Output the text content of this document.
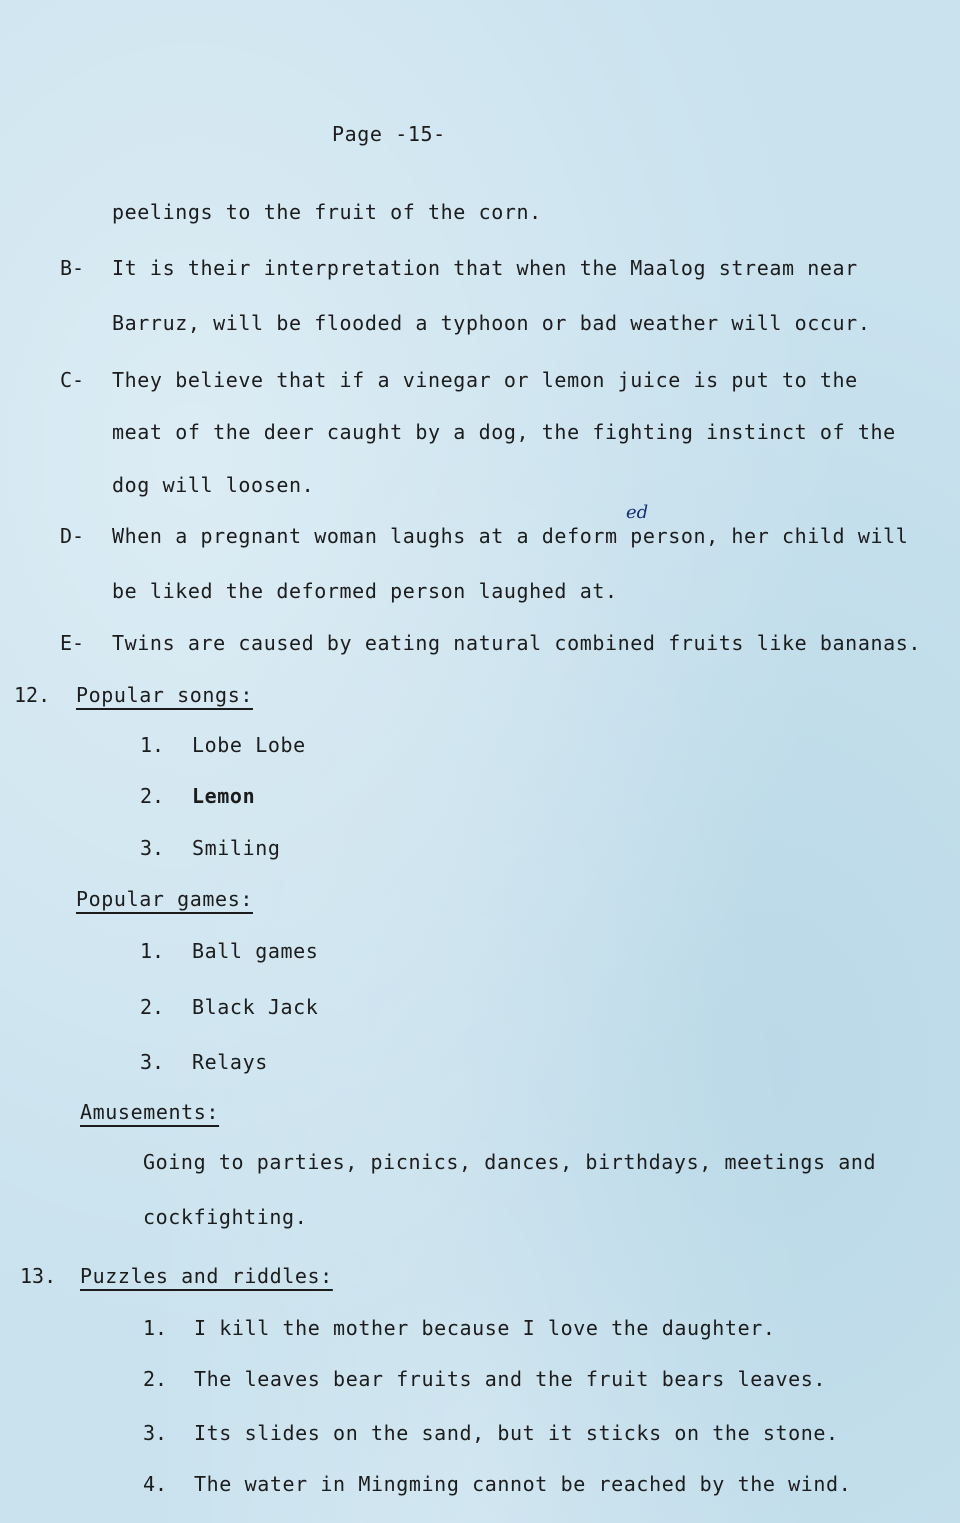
Page -15-
peelings to the fruit of the corn.
B- It is their interpretation that when the Maalog stream near
Barruz, will be flooded a typhoon or bad weather will occur.
C- They believe that if a vinegar or lemon juice is put to the
meat of the deer caught by a dog, the fighting instinct of the
dog will loosen.
D-
ed
When a pregnant woman laughs at a deform person, her child will
be liked the deformed person laughed at.
E- Twins are caused by eating natural combined fruits like bananas.
12. Popular songs:
1. Lobe Lobe
2. Lemon
3. Smiling
Popular games:
1. Ball games
2. Black Jack
3. Relays
Amusements:
Going to parties, picnics, dances, birthdays, meetings and
cockfighting.
13. Puzzles and riddles:
1. I kill the mother because I love the daughter.
2. The leaves bear fruits and the fruit bears leaves.
3. Its slides on the sand, but it sticks on the stone.
4. The water in Mingming cannot be reached by the wind.
